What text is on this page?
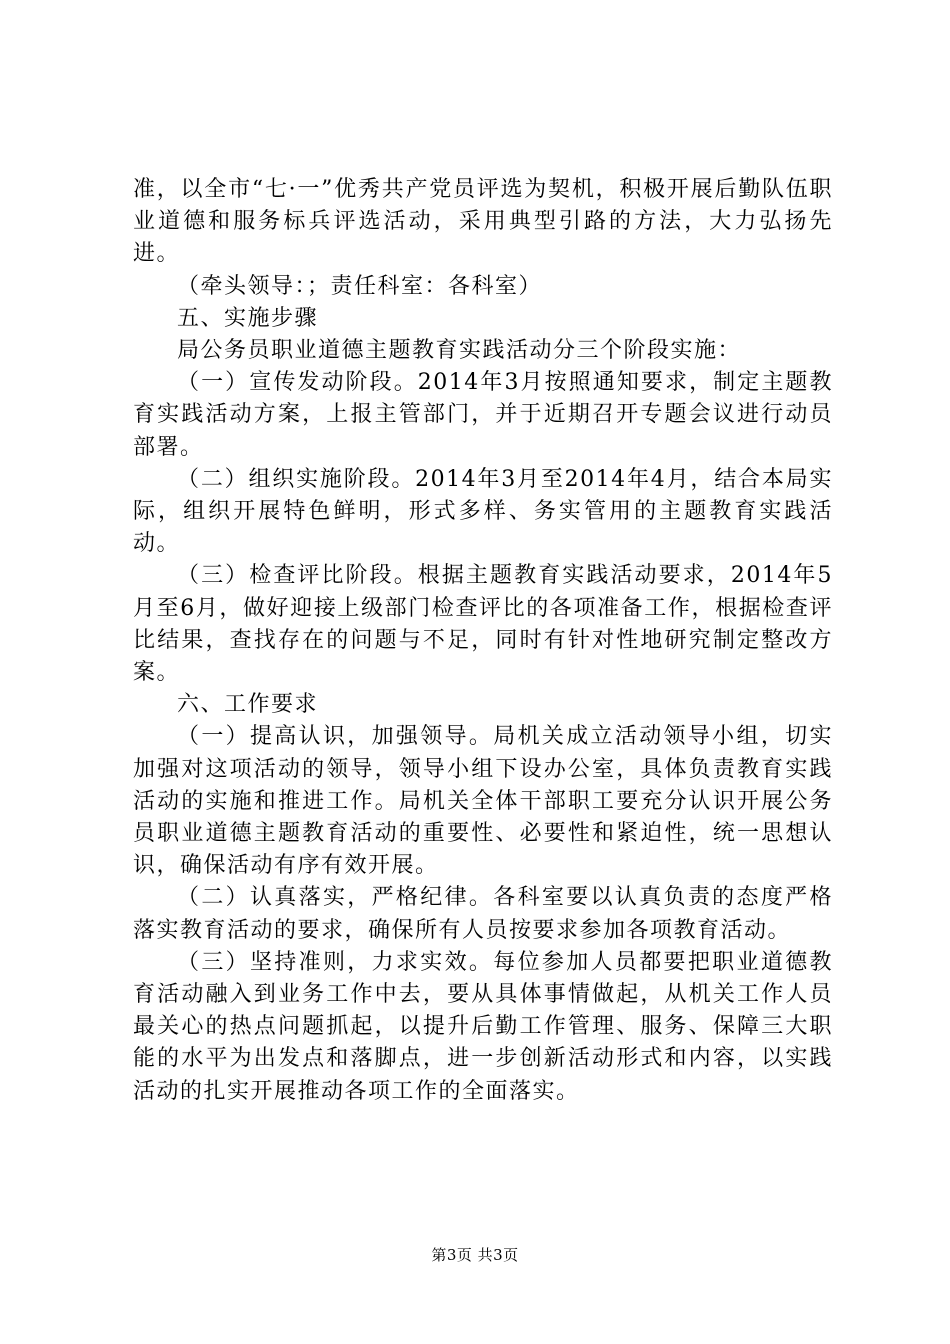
准，以全市“七·一”优秀共产党员评选为契机，积极开展后勤队伍职业道德和服务标兵评选活动，采用典型引路的方法，大力弘扬先进。

（牵头领导：；责任科室：各科室）

五、实施步骤

局公务员职业道德主题教育实践活动分三个阶段实施：

（一）宣传发动阶段。2014年3月按照通知要求，制定主题教育实践活动方案，上报主管部门，并于近期召开专题会议进行动员部署。

（二）组织实施阶段。2014年3月至2014年4月，结合本局实际，组织开展特色鲜明，形式多样、务实管用的主题教育实践活动。

（三）检查评比阶段。根据主题教育实践活动要求，2014年5月至6月，做好迎接上级部门检查评比的各项准备工作，根据检查评比结果，查找存在的问题与不足，同时有针对性地研究制定整改方案。

六、工作要求

（一）提高认识，加强领导。局机关成立活动领导小组，切实加强对这项活动的领导，领导小组下设办公室，具体负责教育实践活动的实施和推进工作。局机关全体干部职工要充分认识开展公务员职业道德主题教育活动的重要性、必要性和紧迫性，统一思想认识，确保活动有序有效开展。

（二）认真落实，严格纪律。各科室要以认真负责的态度严格落实教育活动的要求，确保所有人员按要求参加各项教育活动。

（三）坚持准则，力求实效。每位参加人员都要把职业道德教育活动融入到业务工作中去，要从具体事情做起，从机关工作人员最关心的热点问题抓起，以提升后勤工作管理、服务、保障三大职能的水平为出发点和落脚点，进一步创新活动形式和内容，以实践活动的扎实开展推动各项工作的全面落实。

第3页 共3页
